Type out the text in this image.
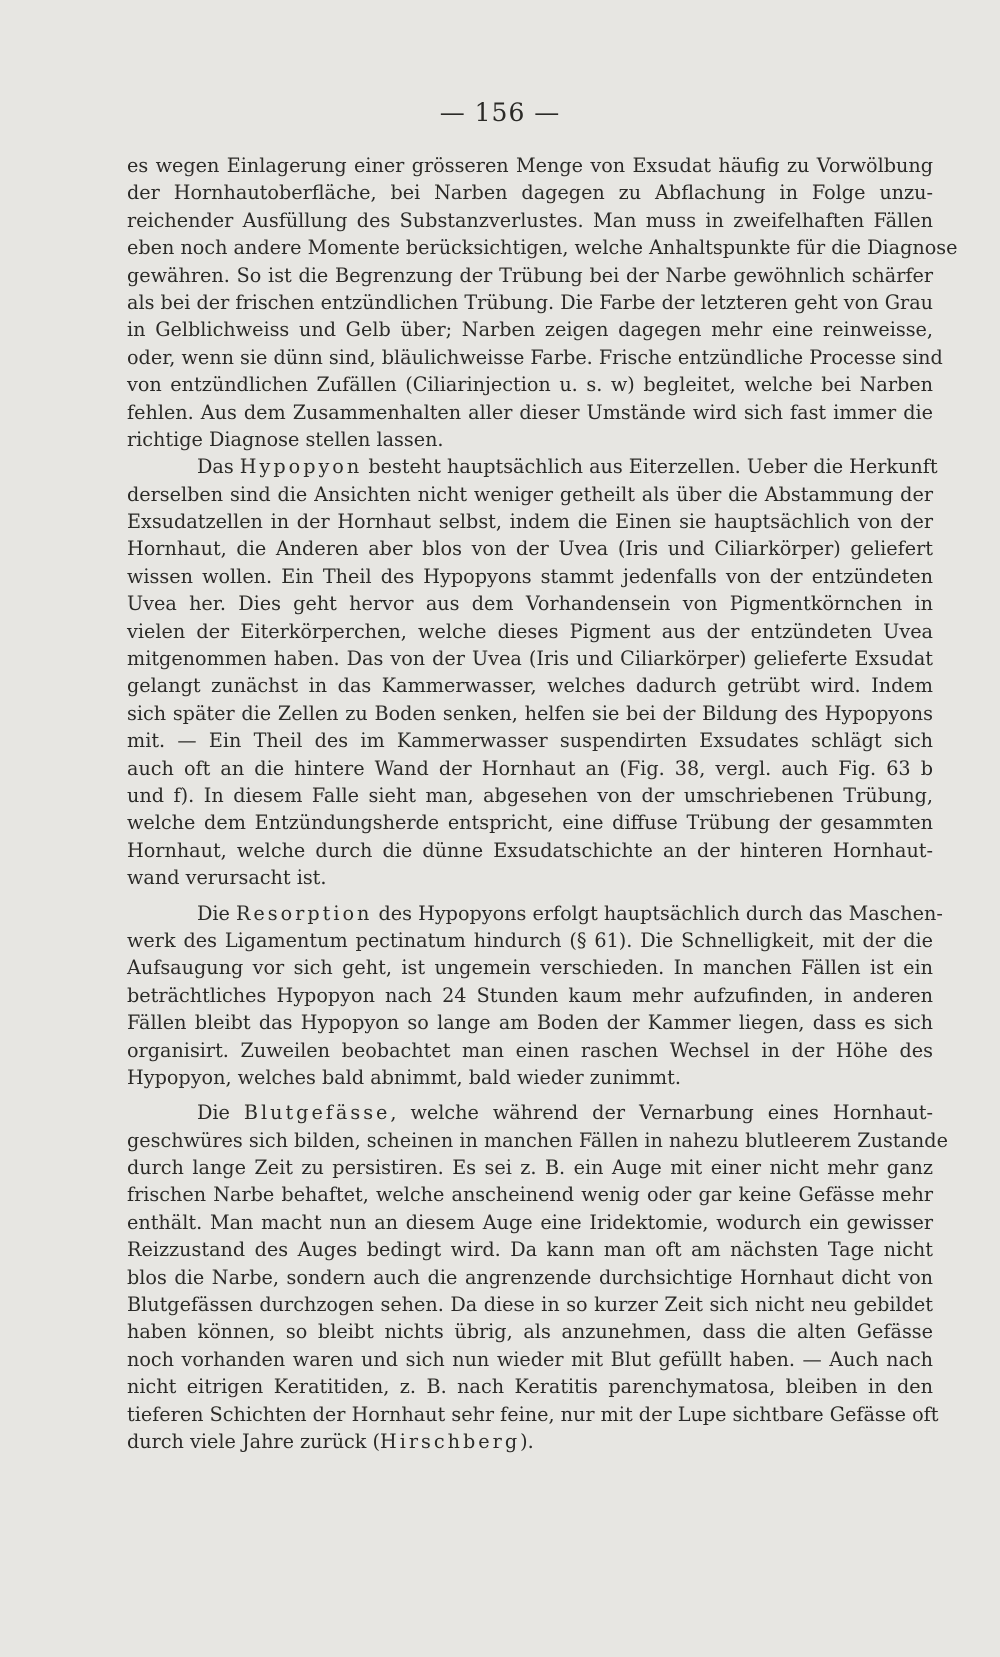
— 156 —
es wegen Einlagerung einer grösseren Menge von Exsudat häufig zu Vorwölbung
der Hornhautoberfläche, bei Narben dagegen zu Abflachung in Folge unzu-
reichender Ausfüllung des Substanzverlustes. Man muss in zweifelhaften Fällen
eben noch andere Momente berücksichtigen, welche Anhaltspunkte für die Diagnose
gewähren. So ist die Begrenzung der Trübung bei der Narbe gewöhnlich schärfer
als bei der frischen entzündlichen Trübung. Die Farbe der letzteren geht von Grau
in Gelblichweiss und Gelb über; Narben zeigen dagegen mehr eine reinweisse,
oder, wenn sie dünn sind, bläulichweisse Farbe. Frische entzündliche Processe sind
von entzündlichen Zufällen (Ciliarinjection u. s. w) begleitet, welche bei Narben
fehlen. Aus dem Zusammenhalten aller dieser Umstände wird sich fast immer die
richtige Diagnose stellen lassen.
Das Hypopyon besteht hauptsächlich aus Eiterzellen. Ueber die Herkunft
derselben sind die Ansichten nicht weniger getheilt als über die Abstammung der
Exsudatzellen in der Hornhaut selbst, indem die Einen sie hauptsächlich von der
Hornhaut, die Anderen aber blos von der Uvea (Iris und Ciliarkörper) geliefert
wissen wollen. Ein Theil des Hypopyons stammt jedenfalls von der entzündeten
Uvea her. Dies geht hervor aus dem Vorhandensein von Pigmentkörnchen in
vielen der Eiterkörperchen, welche dieses Pigment aus der entzündeten Uvea
mitgenommen haben. Das von der Uvea (Iris und Ciliarkörper) gelieferte Exsudat
gelangt zunächst in das Kammerwasser, welches dadurch getrübt wird. Indem
sich später die Zellen zu Boden senken, helfen sie bei der Bildung des Hypopyons
mit. — Ein Theil des im Kammerwasser suspendirten Exsudates schlägt sich
auch oft an die hintere Wand der Hornhaut an (Fig. 38, vergl. auch Fig. 63 b
und f). In diesem Falle sieht man, abgesehen von der umschriebenen Trübung,
welche dem Entzündungsherde entspricht, eine diffuse Trübung der gesammten
Hornhaut, welche durch die dünne Exsudatschichte an der hinteren Hornhaut-
wand verursacht ist.
Die Resorption des Hypopyons erfolgt hauptsächlich durch das Maschen-
werk des Ligamentum pectinatum hindurch (§ 61). Die Schnelligkeit, mit der die
Aufsaugung vor sich geht, ist ungemein verschieden. In manchen Fällen ist ein
beträchtliches Hypopyon nach 24 Stunden kaum mehr aufzufinden, in anderen
Fällen bleibt das Hypopyon so lange am Boden der Kammer liegen, dass es sich
organisirt. Zuweilen beobachtet man einen raschen Wechsel in der Höhe des
Hypopyon, welches bald abnimmt, bald wieder zunimmt.
Die Blutgefässe, welche während der Vernarbung eines Hornhaut-
geschwüres sich bilden, scheinen in manchen Fällen in nahezu blutleerem Zustande
durch lange Zeit zu persistiren. Es sei z. B. ein Auge mit einer nicht mehr ganz
frischen Narbe behaftet, welche anscheinend wenig oder gar keine Gefässe mehr
enthält. Man macht nun an diesem Auge eine Iridektomie, wodurch ein gewisser
Reizzustand des Auges bedingt wird. Da kann man oft am nächsten Tage nicht
blos die Narbe, sondern auch die angrenzende durchsichtige Hornhaut dicht von
Blutgefässen durchzogen sehen. Da diese in so kurzer Zeit sich nicht neu gebildet
haben können, so bleibt nichts übrig, als anzunehmen, dass die alten Gefässe
noch vorhanden waren und sich nun wieder mit Blut gefüllt haben. — Auch nach
nicht eitrigen Keratitiden, z. B. nach Keratitis parenchymatosa, bleiben in den
tieferen Schichten der Hornhaut sehr feine, nur mit der Lupe sichtbare Gefässe oft
durch viele Jahre zurück (Hirschberg).
